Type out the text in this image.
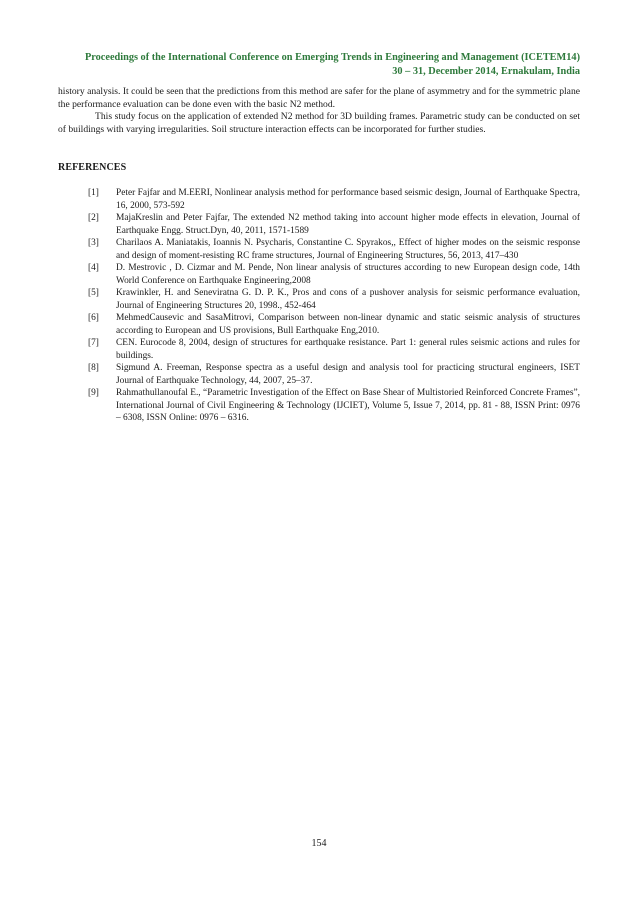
Proceedings of the International Conference on Emerging Trends in Engineering and Management (ICETEM14)
30 – 31, December 2014, Ernakulam, India

history analysis. It could be seen that the predictions from this method are safer for the plane of asymmetry and for the symmetric plane the performance evaluation can be done even with the basic N2 method.

This study focus on the application of extended N2 method for 3D building frames. Parametric study can be conducted on set of buildings with varying irregularities. Soil structure interaction effects can be incorporated for further studies.

REFERENCES
[1] Peter Fajfar and M.EERI, Nonlinear analysis method for performance based seismic design, Journal of Earthquake Spectra, 16, 2000, 573-592
[2] MajaKreslin and Peter Fajfar, The extended N2 method taking into account higher mode effects in elevation, Journal of Earthquake Engg. Struct.Dyn, 40, 2011, 1571-1589
[3] Charilaos A. Maniatakis, Ioannis N. Psycharis, Constantine C. Spyrakos,, Effect of higher modes on the seismic response and design of moment-resisting RC frame structures, Journal of Engineering Structures, 56, 2013, 417–430
[4] D. Mestrovic , D. Cizmar and M. Pende, Non linear analysis of structures according to new European design code, 14th World Conference on Earthquake Engineering,2008
[5] Krawinkler, H. and Seneviratna G. D. P. K., Pros and cons of a pushover analysis for seismic performance evaluation, Journal of Engineering Structures 20, 1998., 452-464
[6] MehmedCausevic and SasaMitrovi, Comparison between non-linear dynamic and static seismic analysis of structures according to European and US provisions, Bull Earthquake Eng,2010.
[7] CEN. Eurocode 8, 2004, design of structures for earthquake resistance. Part 1: general rules seismic actions and rules for buildings.
[8] Sigmund A. Freeman, Response spectra as a useful design and analysis tool for practicing structural engineers, ISET Journal of Earthquake Technology, 44, 2007, 25–37.
[9] Rahmathullanoufal E., “Parametric Investigation of the Effect on Base Shear of Multistoried Reinforced Concrete Frames”, International Journal of Civil Engineering & Technology (IJCIET), Volume 5, Issue 7, 2014, pp. 81 - 88, ISSN Print: 0976 – 6308, ISSN Online: 0976 – 6316.
154
